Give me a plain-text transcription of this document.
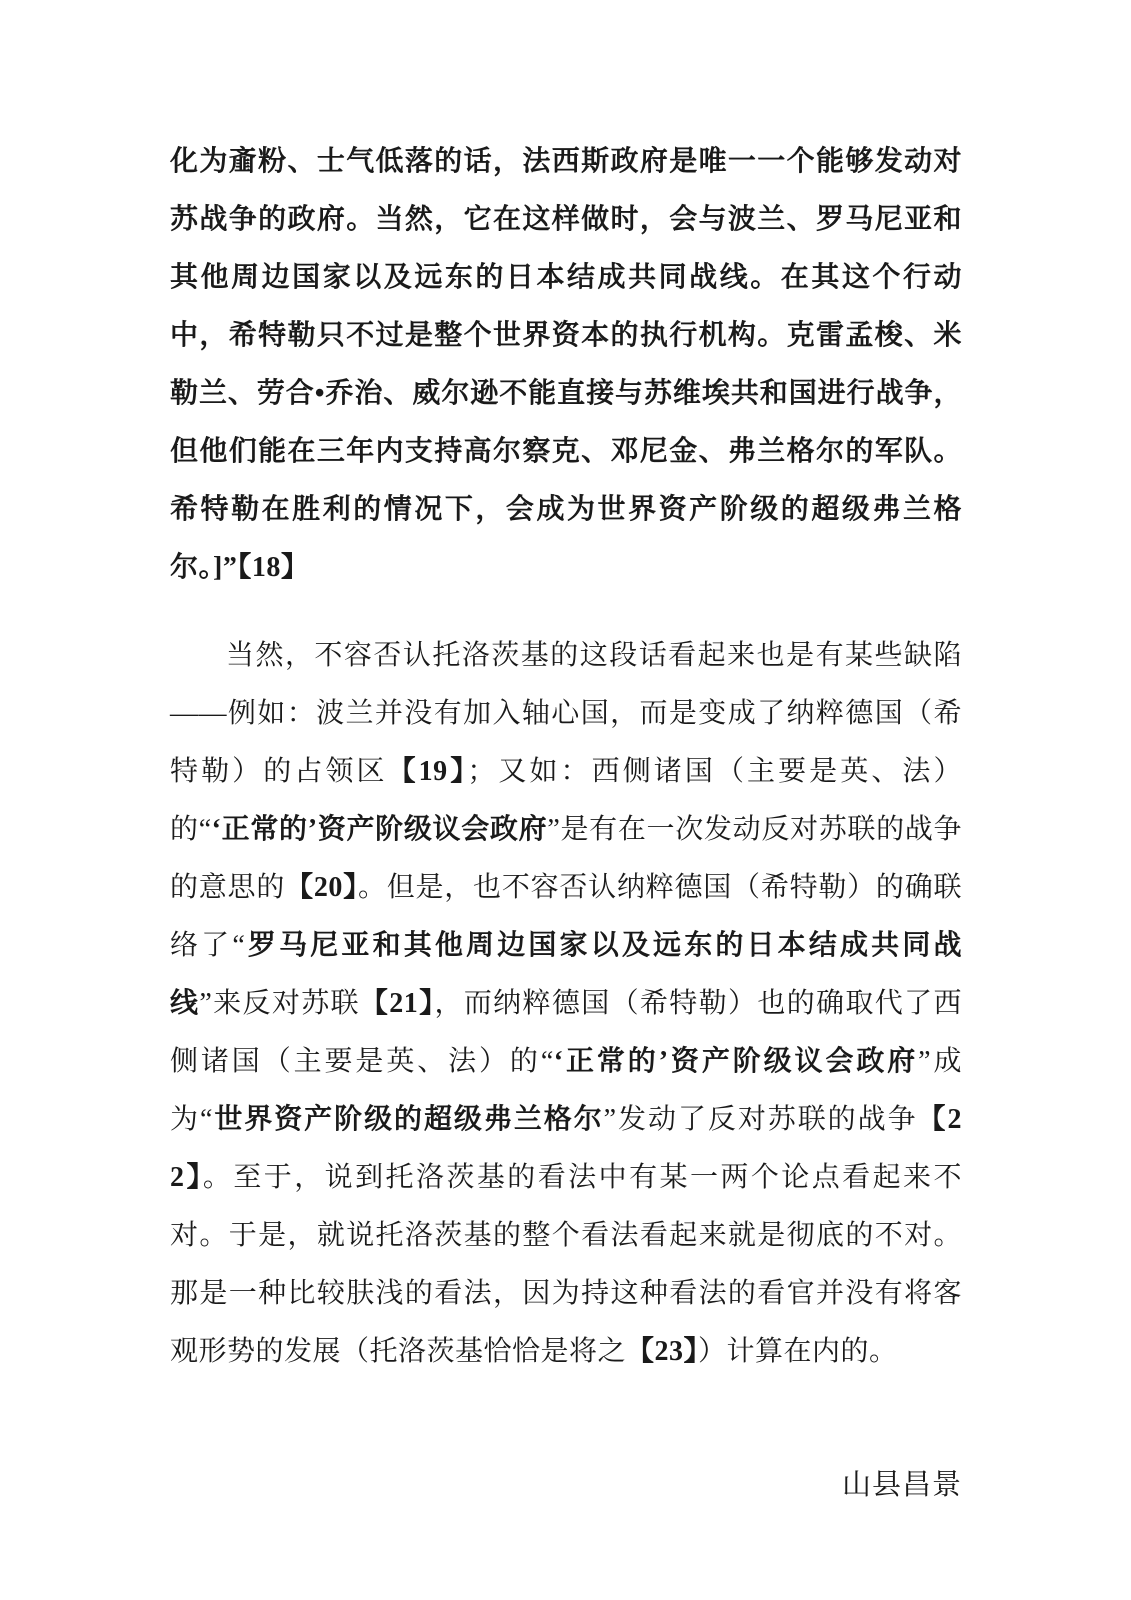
化为齑粉、士气低落的话，法西斯政府是唯一一个能够发动对苏战争的政府。当然，它在这样做时，会与波兰、罗马尼亚和其他周边国家以及远东的日本结成共同战线。在其这个行动中，希特勒只不过是整个世界资本的执行机构。克雷孟梭、米勒兰、劳合•乔治、威尔逊不能直接与苏维埃共和国进行战争，但他们能在三年内支持高尔察克、邓尼金、弗兰格尔的军队。希特勒在胜利的情况下，会成为世界资产阶级的超级弗兰格尔。]”【18】

当然，不容否认托洛茨基的这段话看起来也是有某些缺陷——例如：波兰并没有加入轴心国，而是变成了纳粹德国（希特勒）的占领区【19】；又如：西侧诸国（主要是英、法）的“‘正常的’资产阶级议会政府”是有在一次发动反对苏联的战争的意思的【20】。但是，也不容否认纳粹德国（希特勒）的确联络了“罗马尼亚和其他周边国家以及远东的日本结成共同战线”来反对苏联【21】，而纳粹德国（希特勒）也的确取代了西侧诸国（主要是英、法）的“‘正常的’资产阶级议会政府”成为“世界资产阶级的超级弗兰格尔”发动了反对苏联的战争【22】。至于，说到托洛茨基的看法中有某一两个论点看起来不对。于是，就说托洛茨基的整个看法看起来就是彻底的不对。那是一种比较肤浅的看法，因为持这种看法的看官并没有将客观形势的发展（托洛茨基恰恰是将之【23】）计算在内的。

山县昌景
